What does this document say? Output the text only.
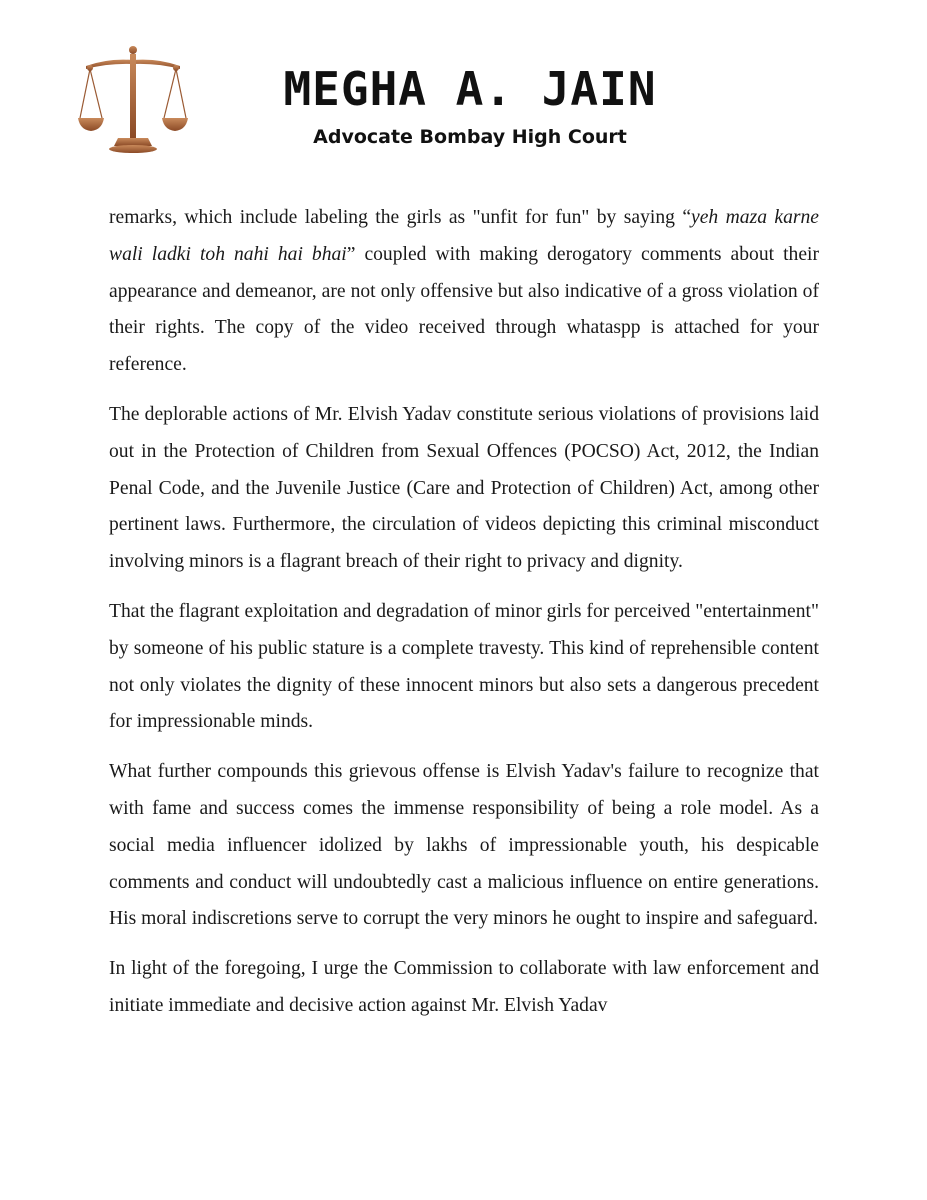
MEGHA A. JAIN
Advocate Bombay High Court

remarks, which include labeling the girls as "unfit for fun" by saying “yeh maza karne wali ladki toh nahi hai bhai” coupled with making derogatory comments about their appearance and demeanor, are not only offensive but also indicative of a gross violation of their rights. The copy of the video received through whataspp is attached for your reference.

The deplorable actions of Mr. Elvish Yadav constitute serious violations of provisions laid out in the Protection of Children from Sexual Offences (POCSO) Act, 2012, the Indian Penal Code, and the Juvenile Justice (Care and Protection of Children) Act, among other pertinent laws. Furthermore, the circulation of videos depicting this criminal misconduct involving minors is a flagrant breach of their right to privacy and dignity.

That the flagrant exploitation and degradation of minor girls for perceived "entertainment" by someone of his public stature is a complete travesty. This kind of reprehensible content not only violates the dignity of these innocent minors but also sets a dangerous precedent for impressionable minds.

What further compounds this grievous offense is Elvish Yadav's failure to recognize that with fame and success comes the immense responsibility of being a role model. As a social media influencer idolized by lakhs of impressionable youth, his despicable comments and conduct will undoubtedly cast a malicious influence on entire generations. His moral indiscretions serve to corrupt the very minors he ought to inspire and safeguard.

In light of the foregoing, I urge the Commission to collaborate with law enforcement and initiate immediate and decisive action against Mr. Elvish Yadav
